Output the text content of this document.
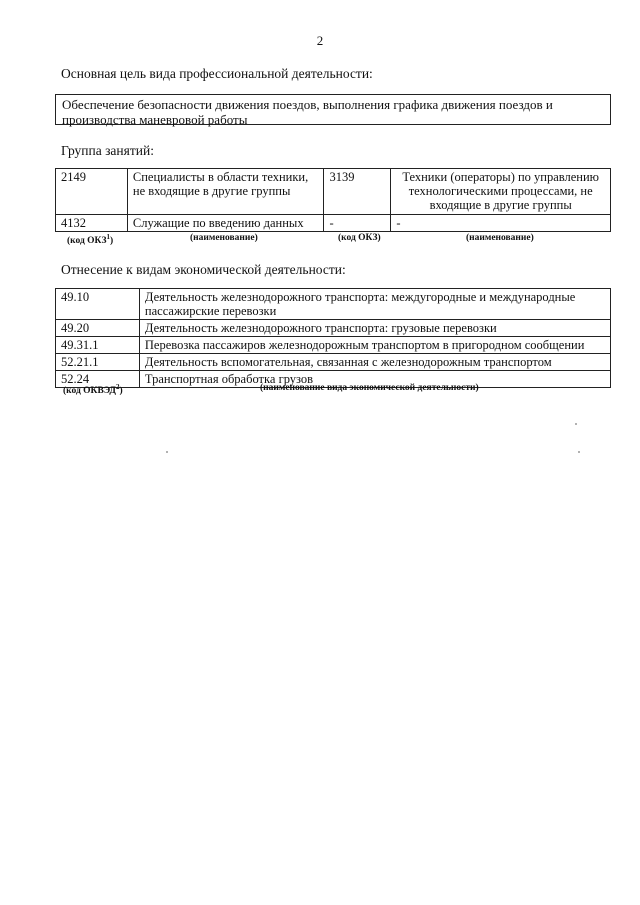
2
Основная цель вида профессиональной деятельности:
Обеспечение безопасности движения поездов, выполнения графика движения поездов и производства маневровой работы
Группа занятий:
2149	Специалисты в области техники, не входящие в другие группы	3139	Техники (операторы) по управлению технологическими процессами, не входящие в другие группы
4132	Служащие по введению данных	-	-
(код ОКЗ$^1$)	(наименование)	(код ОКЗ)	(наименование)
Отнесение к видам экономической деятельности:
49.10	Деятельность железнодорожного транспорта: междугородные и международные пассажирские перевозки
49.20	Деятельность железнодорожного транспорта: грузовые перевозки
49.31.1	Перевозка пассажиров железнодорожным транспортом в пригородном сообщении
52.21.1	Деятельность вспомогательная, связанная с железнодорожным транспортом
52.24	Транспортная обработка грузов
(код ОКВЭД$^2$)	(наименование вида экономической деятельности)
